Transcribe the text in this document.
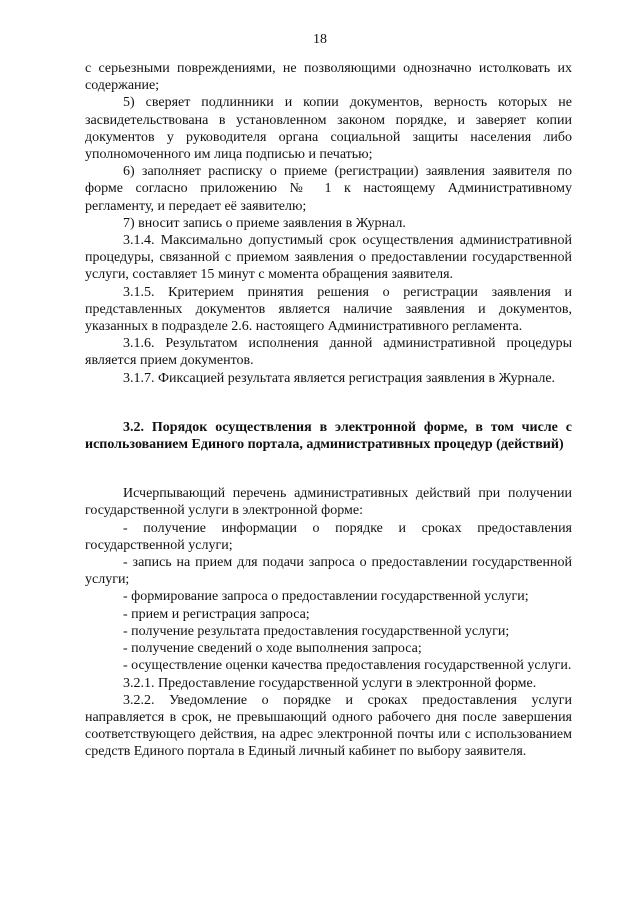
18

с серьезными повреждениями, не позволяющими однозначно истолковать их содержание;

5) сверяет подлинники и копии документов, верность которых не засвидетельствована в установленном законом порядке, и заверяет копии документов у руководителя органа социальной защиты населения либо уполномоченного им лица подписью и печатью;

6) заполняет расписку о приеме (регистрации) заявления заявителя по форме согласно приложению № 1 к настоящему Административному регламенту, и передает её заявителю;

7) вносит запись о приеме заявления в Журнал.

3.1.4. Максимально допустимый срок осуществления административной процедуры, связанной с приемом заявления о предоставлении государственной услуги, составляет 15 минут с момента обращения заявителя.

3.1.5. Критерием принятия решения о регистрации заявления и представленных документов является наличие заявления и документов, указанных в подразделе 2.6. настоящего Административного регламента.

3.1.6. Результатом исполнения данной административной процедуры является прием документов.

3.1.7. Фиксацией результата является регистрация заявления в Журнале.

3.2. Порядок осуществления в электронной форме, в том числе с использованием Единого портала, административных процедур (действий)

Исчерпывающий перечень административных действий при получении государственной услуги в электронной форме:

- получение информации о порядке и сроках предоставления государственной услуги;

- запись на прием для подачи запроса о предоставлении государственной услуги;

- формирование запроса о предоставлении государственной услуги;

- прием и регистрация запроса;

- получение результата предоставления государственной услуги;

- получение сведений о ходе выполнения запроса;

- осуществление оценки качества предоставления государственной услуги.

3.2.1. Предоставление государственной услуги в электронной форме.

3.2.2. Уведомление о порядке и сроках предоставления услуги направляется в срок, не превышающий одного рабочего дня после завершения соответствующего действия, на адрес электронной почты или с использованием средств Единого портала в Единый личный кабинет по выбору заявителя.
